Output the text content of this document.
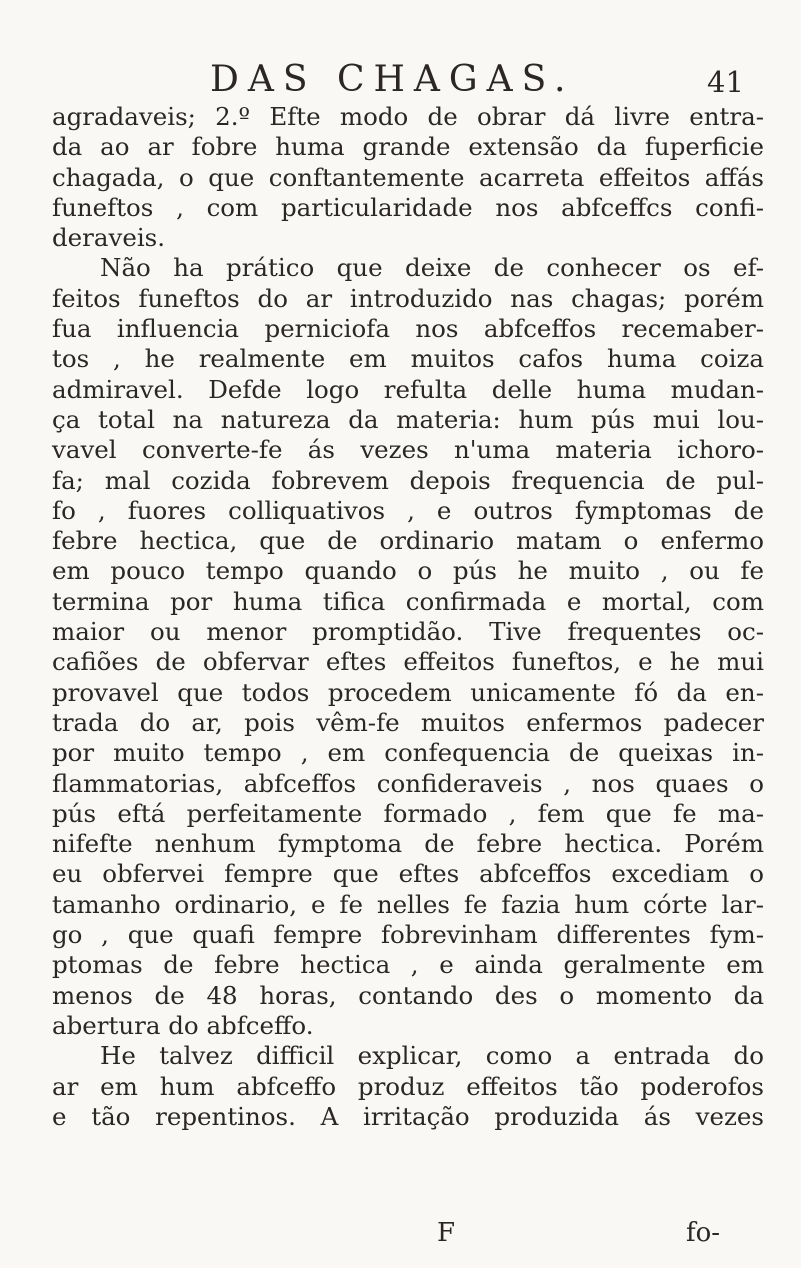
DAS CHAGAS.	41
agradaveis; 2.º Efte modo de obrar dá livre entra-
da ao ar fobre huma grande extensão da fuperficie
chagada, o que conftantemente acarreta effeitos affás
funeftos , com particularidade nos abfceffcs confi-
deraveis.
Não ha prático que deixe de conhecer os ef-
feitos funeftos do ar introduzido nas chagas; porém
fua influencia perniciofa nos abfceffos recemaber-
tos , he realmente em muitos cafos huma coiza
admiravel. Defde logo refulta delle huma mudan-
ça total na natureza da materia: hum pús mui lou-
vavel converte-fe ás vezes n'uma materia ichoro-
fa; mal cozida fobrevem depois frequencia de pul-
fo , fuores colliquativos , e outros fymptomas de
febre hectica, que de ordinario matam o enfermo
em pouco tempo quando o pús he muito , ou fe
termina por huma tifica confirmada e mortal, com
maior ou menor promptidão. Tive frequentes oc-
cafiões de obfervar eftes effeitos funeftos, e he mui
provavel que todos procedem unicamente fó da en-
trada do ar, pois vêm-fe muitos enfermos padecer
por muito tempo , em confequencia de queixas in-
flammatorias, abfceffos confideraveis , nos quaes o
pús eftá perfeitamente formado , fem que fe ma-
nifefte nenhum fymptoma de febre hectica. Porém
eu obfervei fempre que eftes abfceffos excediam o
tamanho ordinario, e fe nelles fe fazia hum córte lar-
go , que quafi fempre fobrevinham differentes fym-
ptomas de febre hectica , e ainda geralmente em
menos de 48 horas, contando des o momento da
abertura do abfceffo.
He talvez difficil explicar, como a entrada do
ar em hum abfceffo produz effeitos tão poderofos
e tão repentinos. A irritação produzida ás vezes
F	fo-
